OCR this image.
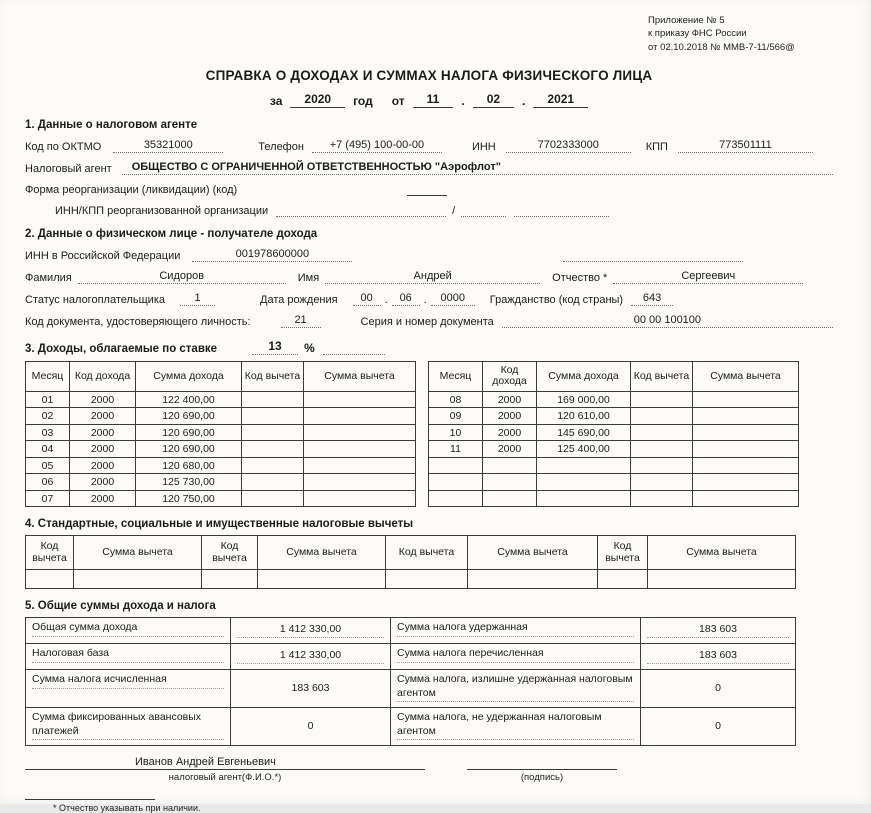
Приложение № 5
к приказу ФНС России
от 02.10.2018 № ММВ-7-11/566@
СПРАВКА О ДОХОДАХ И СУММАХ НАЛОГА ФИЗИЧЕСКОГО ЛИЦА
за	2020	год от	11	.	02	.	2021
1. Данные о налоговом агенте
Код по ОКТМО	35321000	Телефон	+7 (495) 100-00-00	ИНН	7702333000	КПП	773501111
Налоговый агент	ОБЩЕСТВО С ОГРАНИЧЕННОЙ ОТВЕТСТВЕННОСТЬЮ "Аэрофлот"
Форма реорганизации (ликвидации) (код)
ИНН/КПП реорганизованной организации	/
2. Данные о физическом лице - получателе дохода
ИНН в Российской Федерации	001978600000
Фамилия	Сидоров	Имя	Андрей	Отчество *	Сергеевич
Статус налогоплательщика	1	Дата рождения	00	.	06	.	0000	Гражданство (код страны)	643
Код документа, удостоверяющего личность:	21	Серия и номер документа	00 00 100100
3. Доходы, облагаемые по ставке	13	%
Месяц	Код дохода	Сумма дохода	Код вычета	Сумма вычета
01	2000	122 400,00		
02	2000	120 690,00		
03	2000	120 690,00		
04	2000	120 690,00		
05	2000	120 680,00		
06	2000	125 730,00		
07	2000	120 750,00		
Месяц	Код дохода	Сумма дохода	Код вычета	Сумма вычета
08	2000	169 000,00		
09	2000	120 610,00		
10	2000	145 690,00		
11	2000	125 400,00		

4. Стандартные, социальные и имущественные налоговые вычеты
Код вычета	Сумма вычета	Код вычета	Сумма вычета	Код вычета	Сумма вычета	Код вычета	Сумма вычета

5. Общие суммы дохода и налога
Общая сумма дохода	1 412 330,00	Сумма налога удержанная	183 603

Налоговая база	1 412 330,00	Сумма налога перечисленная	183 603

Сумма налога исчисленная	183 603	Сумма налога, излишне удержанная налоговым агентом	0

Сумма фиксированных авансовых платежей	0	Сумма налога, не удержанная налоговым агентом	0
Иванов Андрей Евгеньевич
налоговый агент(Ф.И.О.*)	(подпись)
* Отчество указывать при наличии.
